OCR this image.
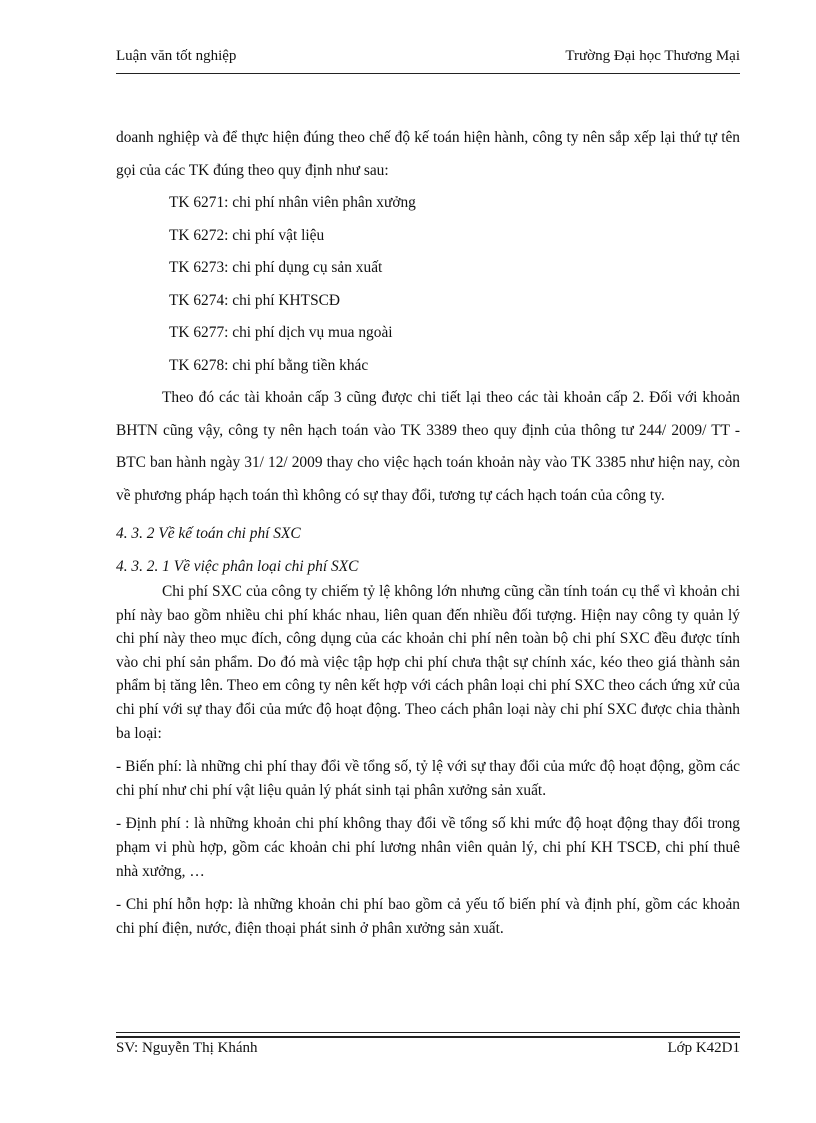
Luận văn tốt nghiệp	Trường Đại học Thương Mại

doanh nghiệp và để thực hiện đúng theo chế độ kế toán hiện hành, công ty nên sắp xếp lại thứ tự tên gọi của các TK đúng theo quy định như sau:

TK 6271: chi phí nhân viên phân xưởng
TK 6272: chi phí vật liệu
TK 6273: chi phí dụng cụ sản xuất
TK 6274: chi phí KHTSCĐ
TK 6277: chi phí dịch vụ mua ngoài
TK 6278: chi phí bằng tiền khác

Theo đó các tài khoản cấp 3 cũng được chi tiết lại theo các tài khoản cấp 2. Đối với khoản BHTN cũng vậy, công ty nên hạch toán vào TK 3389 theo quy định của thông tư 244/ 2009/ TT - BTC ban hành ngày 31/ 12/ 2009 thay cho việc hạch toán khoản này vào TK 3385 như hiện nay, còn về phương pháp hạch toán thì không có sự thay đổi, tương tự cách hạch toán của công ty.

4. 3. 2 Về kế toán chi phí SXC

4. 3. 2. 1 Về việc phân loại chi phí SXC

Chi phí SXC của công ty chiếm tỷ lệ không lớn nhưng cũng cần tính toán cụ thể vì khoản chi phí này bao gồm nhiều chi phí khác nhau, liên quan đến nhiều đối tượng. Hiện nay công ty quản lý chi phí này theo mục đích, công dụng của các khoản chi phí nên toàn bộ chi phí SXC đều được tính vào chi phí sản phẩm. Do đó mà việc tập hợp chi phí chưa thật sự chính xác, kéo theo giá thành sản phẩm bị tăng lên. Theo em công ty nên kết hợp với cách phân loại chi phí SXC theo cách ứng xử của chi phí với sự thay đổi của mức độ hoạt động. Theo cách phân loại này chi phí SXC được chia thành ba loại:

- Biến phí: là những chi phí thay đổi về tổng số, tỷ lệ với sự thay đổi của mức độ hoạt động, gồm các chi phí như chi phí vật liệu quản lý phát sinh tại phân xưởng sản xuất.

- Định phí : là những khoản chi phí không thay đổi về tổng số khi mức độ hoạt động thay đổi trong phạm vi phù hợp, gồm các khoản chi phí lương nhân viên quản lý, chi phí KH TSCĐ, chi phí thuê nhà xưởng, …

- Chi phí hỗn hợp: là những khoản chi phí bao gồm cả yếu tố biến phí và định phí, gồm các khoản chi phí điện, nước, điện thoại phát sinh ở phân xưởng sản xuất.

SV: Nguyễn Thị Khánh	Lớp K42D1
